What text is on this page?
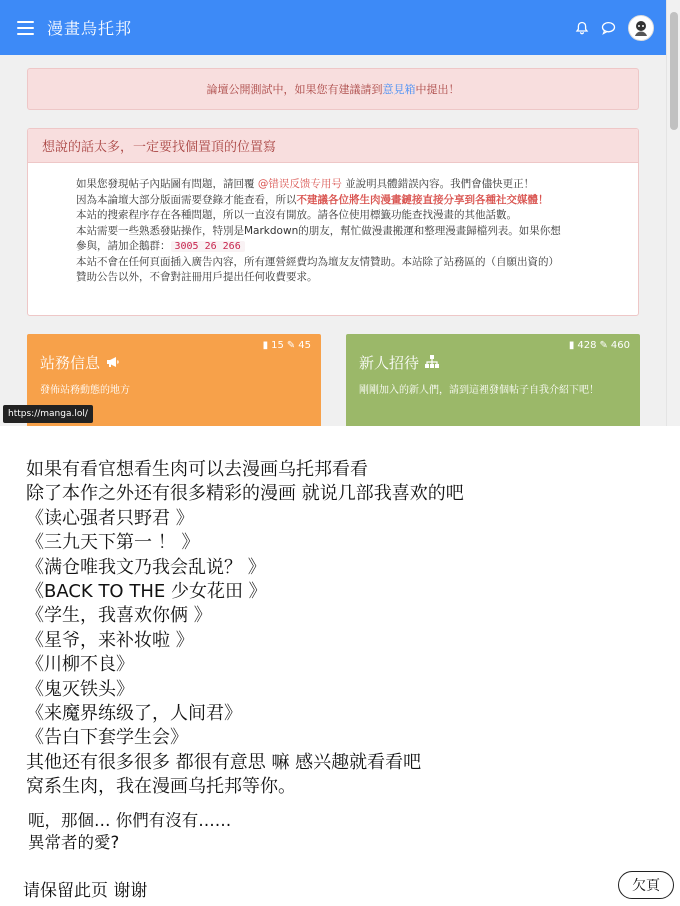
漫畫烏托邦
論壇公開測試中，如果您有建議請到 意見箱 中提出！
想說的話太多，一定要找個置頂的位置寫
如果您發現帖子內貼圖有問題，請回覆 @错误反馈专用号 並說明具體錯誤內容。我們會儘快更正！
因為本論壇大部分版面需要登錄才能查看，所以不建議各位將生肉漫畫鏈接直接分享到各種社交媒體！
本站的搜索程序存在各種問題，所以一直沒有開放。請各位使用標籤功能查找漫畫的其他話數。
本站需要一些熟悉發貼操作，特別是Markdown的朋友，幫忙做漫畫搬運和整理漫畫歸檔列表。如果你想
參與，請加企鵝群： 3005 26 266
本站不會在任何頁面插入廣告內容，所有運營經費均為壇友友情贊助。本站除了站務區的（自願出資的）
贊助公告以外，不會對註冊用戶提出任何收費要求。
▮ 15 ✎ 45
站務信息
發佈站務動態的地方
▮ 428 ✎ 460
新人招待
剛剛加入的新人們，請到這裡發個帖子自我介紹下吧！
https://manga.lol/
如果有看官想看生肉可以去漫画乌托邦看看
除了本作之外还有很多精彩的漫画 就说几部我喜欢的吧
《读心强者只野君 》
《三九天下第一 ！ 》
《满仓唯我文乃我会乱说？ 》
《BACK TO THE 少女花田 》
《学生，我喜欢你俩 》
《星爷，来补妆啦 》
《川柳不良》
《鬼灭铁头》
《来魔界练级了，人间君》
《告白下套学生会》
其他还有很多很多 都很有意思 嘛 感兴趣就看看吧
窝系生肉，我在漫画乌托邦等你。
呃，那個… 你們有沒有……
異常者的愛?
请保留此页 谢谢	欠頁
